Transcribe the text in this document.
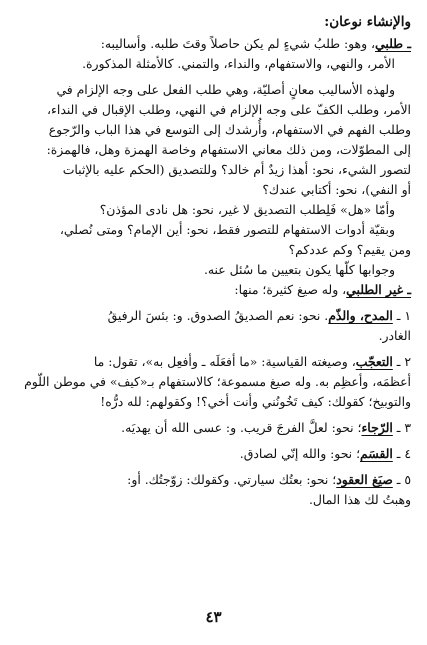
والإنشاء نوعان:

ـ طلبي، وهو: طلبُ شيءٍ لم يكن حاصلاً وقتَ طلبه. وأساليبه:
الأمر، والنهي، والاستفهام، والنداء، والتمني. كالأمثلة المذكورة.

ولهذه الأساليب معانٍ أصليّة، وهي طلب الفعل على وجه الإلزام في
الأمر، وطلب الكفّ على وجه الإلزام في النهي، وطلب الإقبال في النداء،
وطلب الفهم في الاستفهام، وأُرشدك إلى التوسع في هذا الباب والرّجوع
إلى المطوّلات، ومن ذلك معاني الاستفهام وخاصة الهمزة وهل، فالهمزة:
لتصور الشيء، نحو: أهذا زيدٌ أم خالد؟ وللتصديق (الحكم عليه بالإثبات
أو النفي)، نحو: أكتابي عندك؟

وأمّا «هل» فَلِطلب التصديق لا غير، نحو: هل نادى المؤذن؟

وبقيّة أدوات الاستفهام للتصور فقط، نحو: أين الإمام؟ ومتى نُصلي،
ومن يقيم؟ وكم عددكم؟

وجوابها كلّها يكون بتعيين ما سُئل عنه.

ـ غير الطلبي، وله صيغ كثيرة؛ منها:

١ ـ المدح، والذّم. نحو: نعم الصديقُ الصدوق. و: بئسَ الرفيقُ
الغادر.

٢ ـ التعجّب، وصيغته القياسية: «ما أفعَلَه ـ وأفعِل به»، تقول: ما
أعظمَه، وأعظِم به. وله صيغ مسموعة؛ كالاستفهام بـ«كيف» في موطن اللّوم
والتوبيخ؛ كقولك: كيف تَخُونُني وأنت أخي؟! وكقولهم: لله درُّه!

٣ ـ الرّجاء؛ نحو: لعلَّ الفرجَ قريب. و: عسى الله أن يهديَه.

٤ ـ القسَم؛ نحو: والله إنّي لصادق.

٥ ـ صيَغ العقود؛ نحو: بعتُك سيارتي. وكقولك: زوّجتُك. أو:
وهبتُ لك هذا المال.

٤٣
